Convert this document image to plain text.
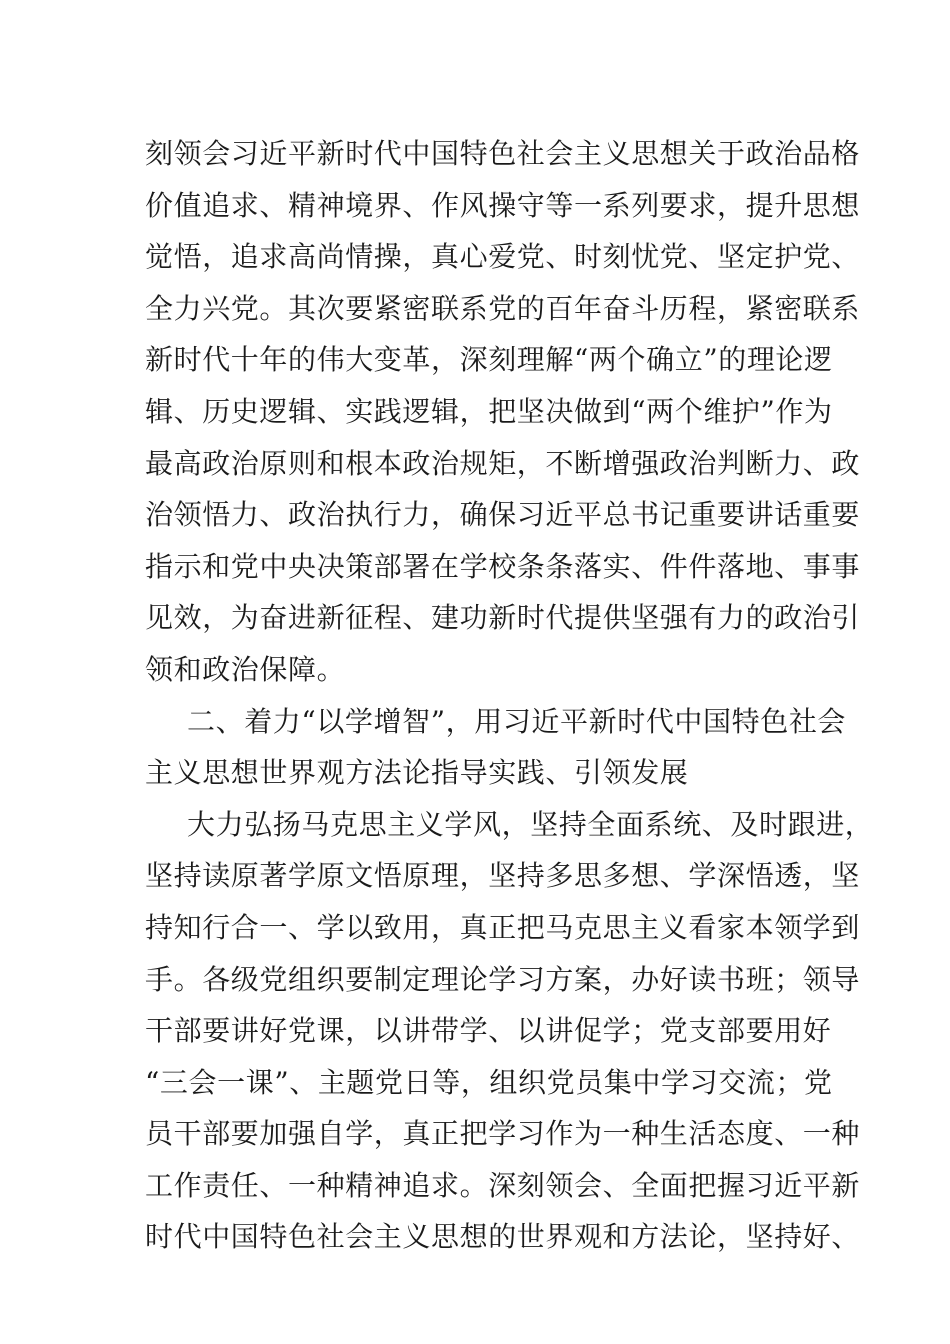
刻领会习近平新时代中国特色社会主义思想关于政治品格
价值追求、精神境界、作风操守等一系列要求，提升思想
觉悟，追求高尚情操，真心爱党、时刻忧党、坚定护党、
全力兴党。其次要紧密联系党的百年奋斗历程，紧密联系
新时代十年的伟大变革，深刻理解“两个确立”的理论逻
辑、历史逻辑、实践逻辑，把坚决做到“两个维护”作为
最高政治原则和根本政治规矩，不断增强政治判断力、政
治领悟力、政治执行力，确保习近平总书记重要讲话重要
指示和党中央决策部署在学校条条落实、件件落地、事事
见效，为奋进新征程、建功新时代提供坚强有力的政治引
领和政治保障。
二、着力“以学增智”，用习近平新时代中国特色社会
主义思想世界观方法论指导实践、引领发展
大力弘扬马克思主义学风，坚持全面系统、及时跟进，
坚持读原著学原文悟原理，坚持多思多想、学深悟透，坚
持知行合一、学以致用，真正把马克思主义看家本领学到
手。各级党组织要制定理论学习方案，办好读书班；领导
干部要讲好党课，以讲带学、以讲促学；党支部要用好
“三会一课”、主题党日等，组织党员集中学习交流；党
员干部要加强自学，真正把学习作为一种生活态度、一种
工作责任、一种精神追求。深刻领会、全面把握习近平新
时代中国特色社会主义思想的世界观和方法论，坚持好、
